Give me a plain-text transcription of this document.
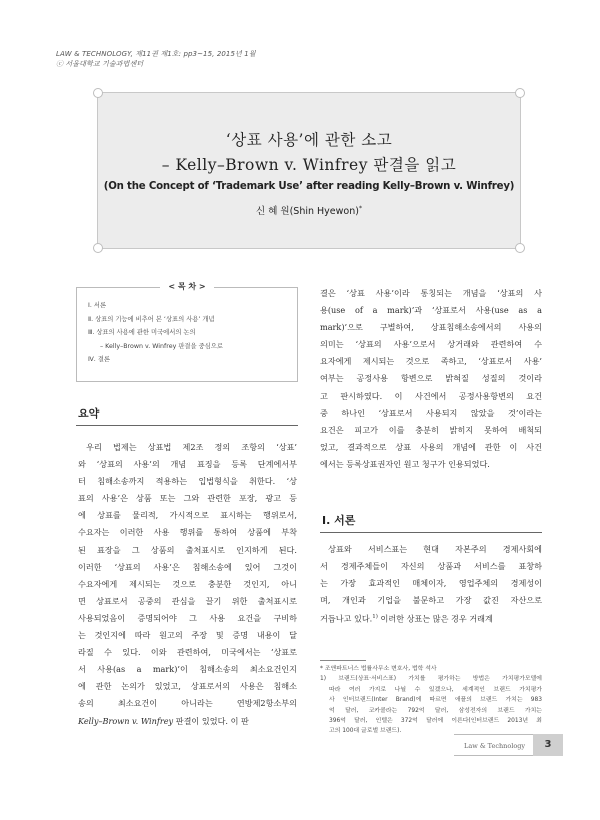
LAW & TECHNOLOGY, 제11권 제1호: pp3~15, 2015년 1월
ⓒ 서울대학교 기술과법센터
‘상표 사용’에 관한 소고
– Kelly–Brown v. Winfrey 판결을 읽고
(On the Concept of ‘Trademark Use’ after reading Kelly–Brown v. Winfrey)
신 혜 원(Shin Hyewon)*
< 목 차 >
Ⅰ. 서론
Ⅱ. 상표의 기능에 비추어 본 ‘상표의 사용’ 개념
Ⅲ. 상표의 사용에 관한 미국에서의 논의
– Kelly–Brown v. Winfrey 판결을 중심으로
Ⅳ. 결론
요약
우리 법제는 상표법 제2조 정의 조항의 ‘상표’
와 ‘상표의 사용’의 개념 표징을 등록 단계에서부
터 침해소송까지 적용하는 입법형식을 취한다. ‘상
표의 사용’은 상품 또는 그와 관련한 포장, 광고 등
에 상표를 물리적, 가시적으로 표시하는 행위로서,
수요자는 이러한 사용 행위를 통하여 상품에 부착
된 표장을 그 상품의 출처표시로 인지하게 된다.
이러한 ‘상표의 사용’은 침해소송에 있어 그것이
수요자에게 제시되는 것으로 충분한 것인지, 아니
면 상표로서 공중의 관심을 끌기 위한 출처표시로
사용되었음이 증명되어야 그 사용 요건을 구비하
는 것인지에 따라 원고의 주장 및 증명 내용이 달
라질 수 있다. 이와 관련하여, 미국에서는 ‘상표로
서 사용(as a mark)’이 침해소송의 최소요건인지
에 관한 논의가 있었고, 상표로서의 사용은 침해소
송의 최소요건이 아니라는 연방제2항소부의
Kelly–Brown v. Winfrey 판결이 있었다. 이 판
결은 ‘상표 사용’이라 통칭되는 개념을 ‘상표의 사
용(use of a mark)’과 ‘상표로서 사용(use as a
mark)’으로 구별하여, 상표침해소송에서의 사용의
의미는 ‘상표의 사용’으로서 상거래와 관련하여 수
요자에게 제시되는 것으로 족하고, ‘상표로서 사용’
여부는 공정사용 항변으로 밝혀질 성질의 것이라
고 판시하였다. 이 사건에서 공정사용항변의 요건
중 하나인 ‘상표로서 사용되지 않았을 것’이라는
요건은 피고가 이를 충분히 밝히지 못하여 배척되
었고, 결과적으로 상표 사용의 개념에 관한 이 사건
에서는 등록상표권자인 원고 청구가 인용되었다.
Ⅰ. 서론
상표와 서비스표는 현대 자본주의 경제사회에
서 경제주체들이 자신의 상품과 서비스를 표창하
는 가장 효과적인 매체이자, 영업주체의 경제성이
며, 개인과 기업을 불문하고 가장 값진 자산으로
거듭나고 있다.$^{1)}$ 이러한 상표는 많은 경우 거래계
* 조앤파트너스 법률사무소 변호사, 법학 석사
1) 브랜드(상표·서비스표) 가치를 평가하는 방법은 가치평가모델에
따라 여러 가지로 나뉠 수 있겠으나, 세계적인 브랜드 가치평가
사 인터브랜드(Inter Brand)에 따르면 애플의 브랜드 가치는 983
억 달러, 코카콜라는 792억 달러, 삼성전자의 브랜드 가치는
396억 달러, 인텔은 372억 달러에 이른다(인터브랜드 2013년 최
고의 100대 글로벌 브랜드).
Law & Technology	3
